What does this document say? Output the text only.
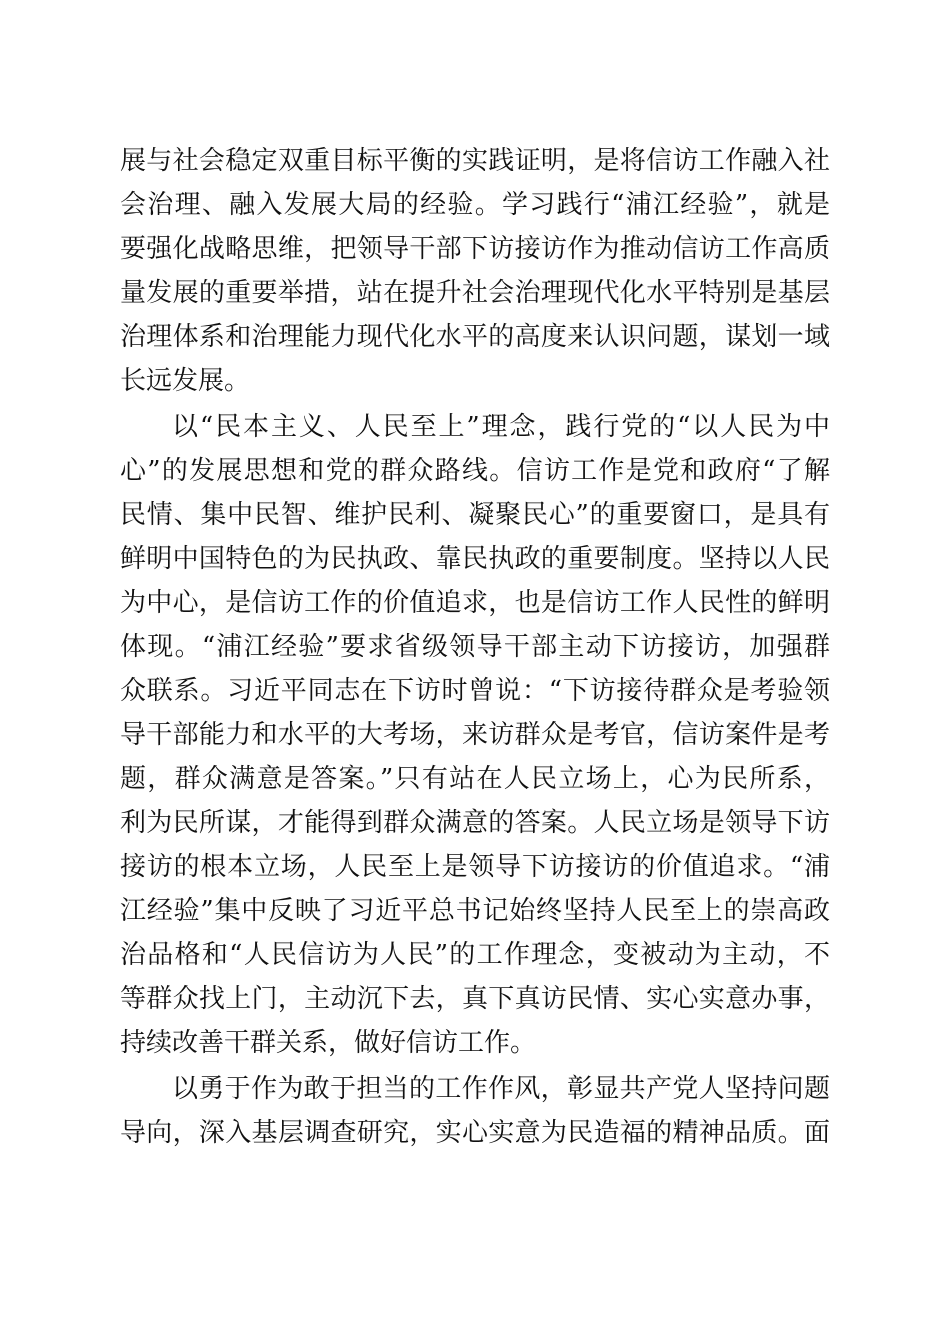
展与社会稳定双重目标平衡的实践证明，是将信访工作融入社
会治理、融入发展大局的经验。学习践行“浦江经验”，就是
要强化战略思维，把领导干部下访接访作为推动信访工作高质
量发展的重要举措，站在提升社会治理现代化水平特别是基层
治理体系和治理能力现代化水平的高度来认识问题，谋划一域
长远发展。
以“民本主义、人民至上”理念，践行党的“以人民为中
心”的发展思想和党的群众路线。信访工作是党和政府“了解
民情、集中民智、维护民利、凝聚民心”的重要窗口，是具有
鲜明中国特色的为民执政、靠民执政的重要制度。坚持以人民
为中心，是信访工作的价值追求，也是信访工作人民性的鲜明
体现。“浦江经验”要求省级领导干部主动下访接访，加强群
众联系。习近平同志在下访时曾说：“下访接待群众是考验领
导干部能力和水平的大考场，来访群众是考官，信访案件是考
题，群众满意是答案。”只有站在人民立场上，心为民所系，
利为民所谋，才能得到群众满意的答案。人民立场是领导下访
接访的根本立场，人民至上是领导下访接访的价值追求。“浦
江经验”集中反映了习近平总书记始终坚持人民至上的崇高政
治品格和“人民信访为人民”的工作理念，变被动为主动，不
等群众找上门，主动沉下去，真下真访民情、实心实意办事，
持续改善干群关系，做好信访工作。
以勇于作为敢于担当的工作作风，彰显共产党人坚持问题
导向，深入基层调查研究，实心实意为民造福的精神品质。面
